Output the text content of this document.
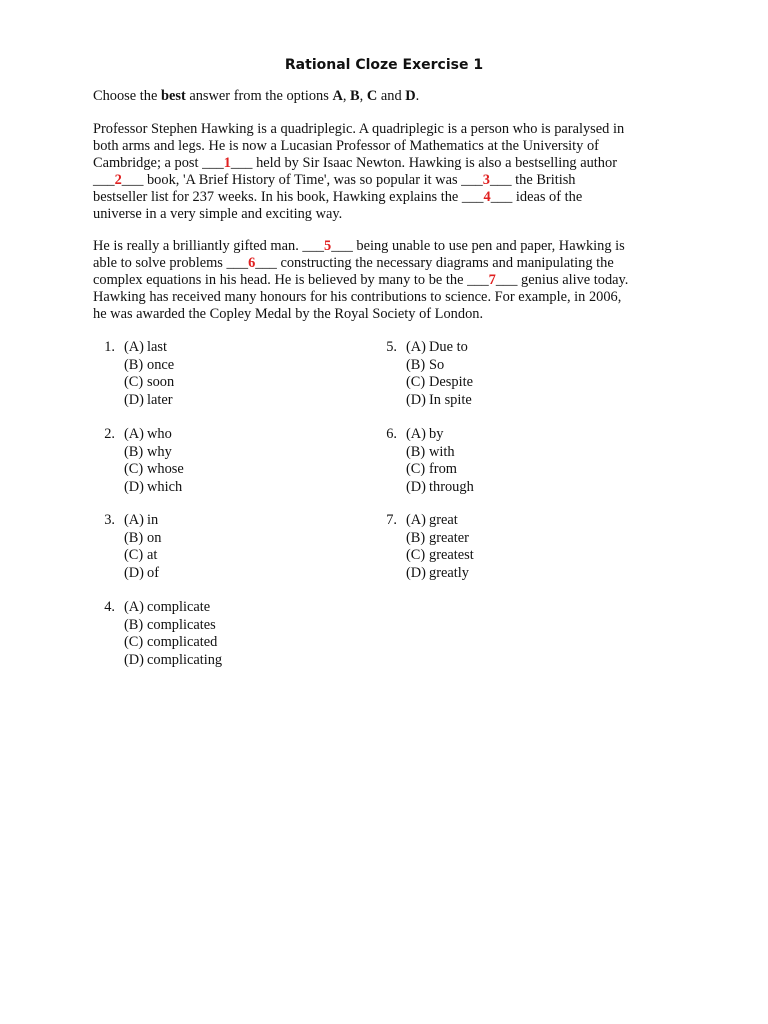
Rational Cloze Exercise 1
Choose the best answer from the options A, B, C and D.
Professor Stephen Hawking is a quadriplegic. A quadriplegic is a person who is paralysed in
both arms and legs. He is now a Lucasian Professor of Mathematics at the University of
Cambridge; a post ___1___ held by Sir Isaac Newton. Hawking is also a bestselling author
___2___ book, 'A Brief History of Time', was so popular it was ___3___ the British
bestseller list for 237 weeks. In his book, Hawking explains the ___4___ ideas of the
universe in a very simple and exciting way.
He is really a brilliantly gifted man. ___5___ being unable to use pen and paper, Hawking is
able to solve problems ___6___ constructing the necessary diagrams and manipulating the
complex equations in his head. He is believed by many to be the ___7___ genius alive today.
Hawking has received many honours for his contributions to science. For example, in 2006,
he was awarded the Copley Medal by the Royal Society of London.
1. (A) last
(B) once
(C) soon
(D) later
2. (A) who
(B) why
(C) whose
(D) which
3. (A) in
(B) on
(C) at
(D) of
4. (A) complicate
(B) complicates
(C) complicated
(D) complicating
5. (A) Due to
(B) So
(C) Despite
(D) In spite
6. (A) by
(B) with
(C) from
(D) through
7. (A) great
(B) greater
(C) greatest
(D) greatly
